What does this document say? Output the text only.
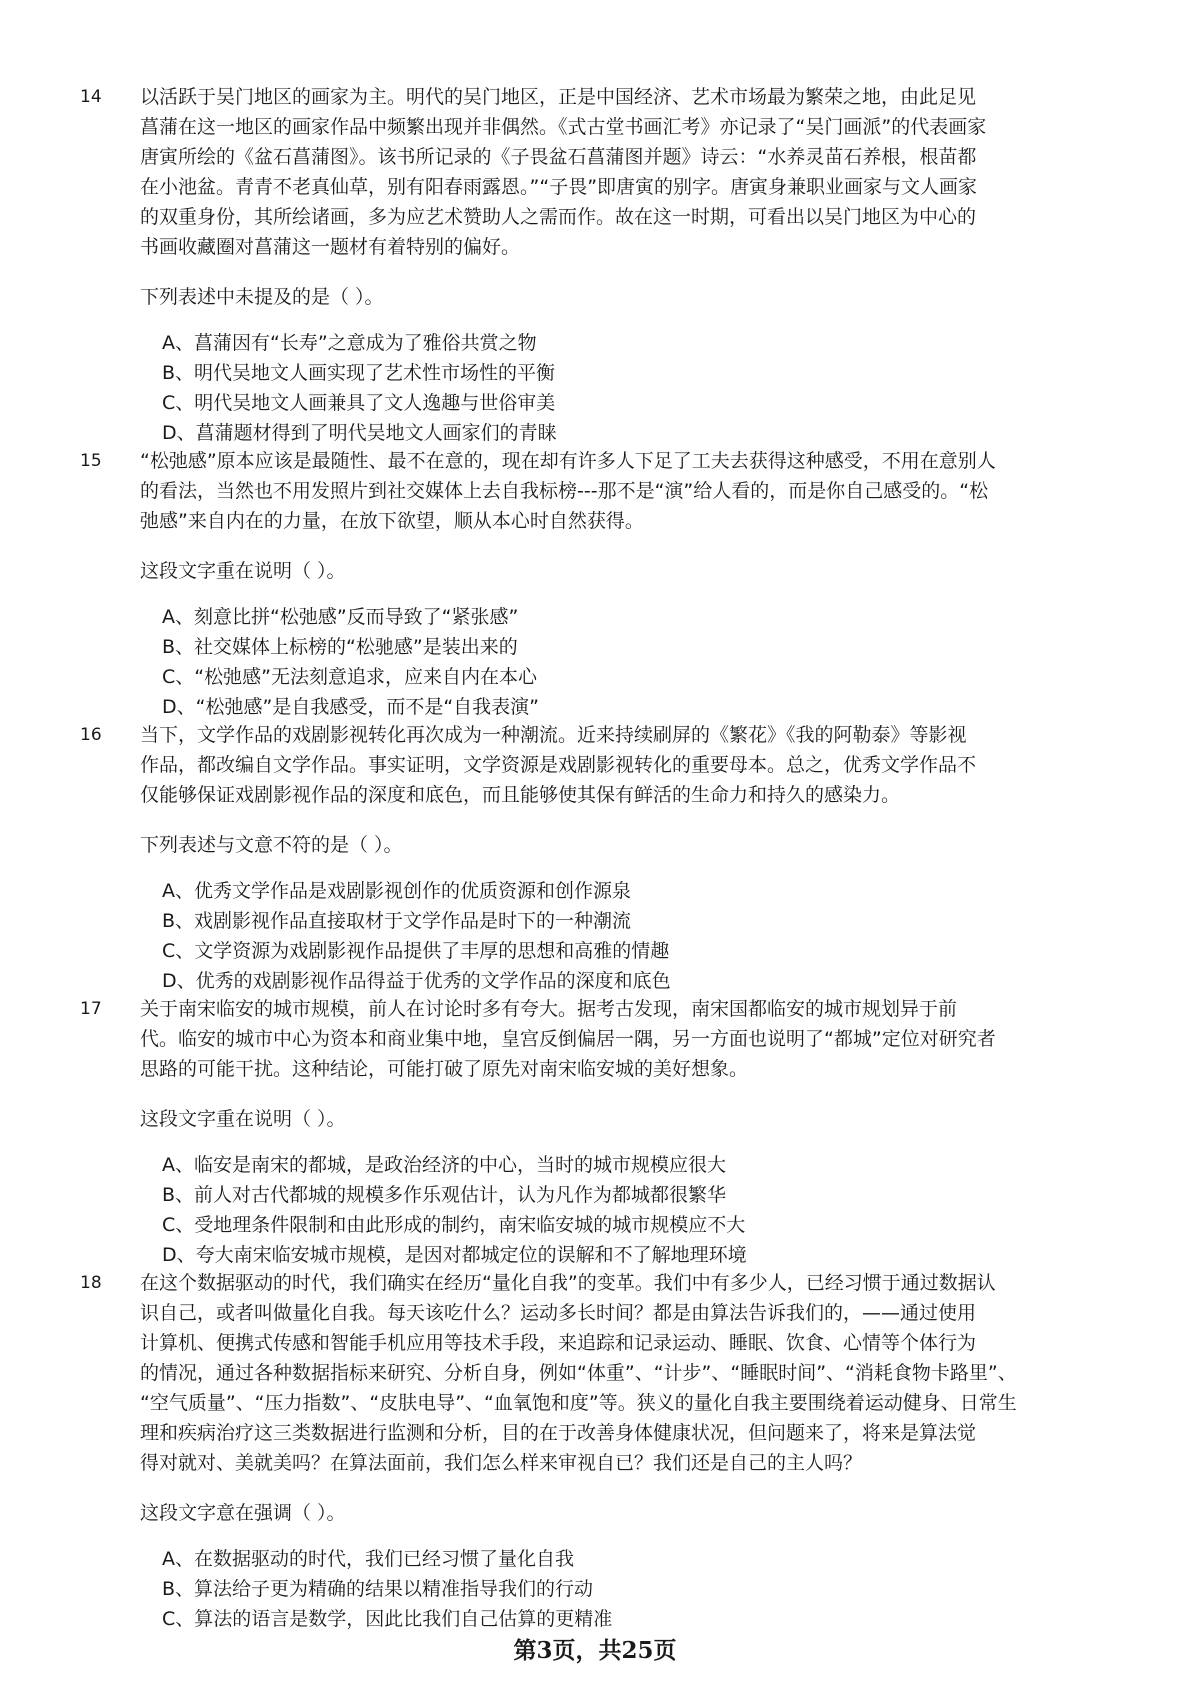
14 以活跃于吴门地区的画家为主。明代的吴门地区，正是中国经济、艺术市场最为繁荣之地，由此足见
菖蒲在这一地区的画家作品中频繁出现并非偶然。《式古堂书画汇考》亦记录了“吴门画派”的代表画家
唐寅所绘的《盆石菖蒲图》。该书所记录的《子畏盆石菖蒲图并题》诗云：“水养灵苗石养根，根苗都
在小池盆。青青不老真仙草，别有阳春雨露恩。”“子畏”即唐寅的别字。唐寅身兼职业画家与文人画家
的双重身份，其所绘诸画，多为应艺术赞助人之需而作。故在这一时期，可看出以吴门地区为中心的
书画收藏圈对菖蒲这一题材有着特别的偏好。
下列表述中未提及的是（ ）。
A、菖蒲因有“长寿”之意成为了雅俗共赏之物
B、明代吴地文人画实现了艺术性市场性的平衡
C、明代吴地文人画兼具了文人逸趣与世俗审美
D、菖蒲题材得到了明代吴地文人画家们的青睐
15 “松弛感”原本应该是最随性、最不在意的，现在却有许多人下足了工夫去获得这种感受，不用在意别人
的看法，当然也不用发照片到社交媒体上去自我标榜---那不是“演”给人看的，而是你自己感受的。“松
弛感”来自内在的力量，在放下欲望，顺从本心时自然获得。
这段文字重在说明（ ）。
A、刻意比拼“松弛感”反而导致了“紧张感”
B、社交媒体上标榜的“松驰感”是装出来的
C、“松弛感”无法刻意追求，应来自内在本心
D、“松弛感”是自我感受，而不是“自我表演”
16 当下，文学作品的戏剧影视转化再次成为一种潮流。近来持续刷屏的《繁花》《我的阿勒泰》等影视
作品，都改编自文学作品。事实证明，文学资源是戏剧影视转化的重要母本。总之，优秀文学作品不
仅能够保证戏剧影视作品的深度和底色，而且能够使其保有鲜活的生命力和持久的感染力。
下列表述与文意不符的是（ ）。
A、优秀文学作品是戏剧影视创作的优质资源和创作源泉
B、戏剧影视作品直接取材于文学作品是时下的一种潮流
C、文学资源为戏剧影视作品提供了丰厚的思想和高雅的情趣
D、优秀的戏剧影视作品得益于优秀的文学作品的深度和底色
17 关于南宋临安的城市规模，前人在讨论时多有夸大。据考古发现，南宋国都临安的城市规划异于前
代。临安的城市中心为资本和商业集中地，皇宫反倒偏居一隅，另一方面也说明了“都城”定位对研究者
思路的可能干扰。这种结论，可能打破了原先对南宋临安城的美好想象。
这段文字重在说明（ ）。
A、临安是南宋的都城，是政治经济的中心，当时的城市规模应很大
B、前人对古代都城的规模多作乐观估计，认为凡作为都城都很繁华
C、受地理条件限制和由此形成的制约，南宋临安城的城市规模应不大
D、夸大南宋临安城市规模，是因对都城定位的误解和不了解地理环境
18 在这个数据驱动的时代，我们确实在经历“量化自我”的变革。我们中有多少人，已经习惯于通过数据认
识自己，或者叫做量化自我。每天该吃什么？运动多长时间？都是由算法告诉我们的，——通过使用
计算机、便携式传感和智能手机应用等技术手段，来追踪和记录运动、睡眠、饮食、心情等个体行为
的情况，通过各种数据指标来研究、分析自身，例如“体重”、“计步”、“睡眠时间”、“消耗食物卡路里”、
“空气质量”、“压力指数”、“皮肤电导”、“血氧饱和度”等。狭义的量化自我主要围绕着运动健身、日常生
理和疾病治疗这三类数据进行监测和分析，目的在于改善身体健康状况，但问题来了，将来是算法觉
得对就对、美就美吗？在算法面前，我们怎么样来审视自已？我们还是自己的主人吗？
这段文字意在强调（ ）。
A、在数据驱动的时代，我们已经习惯了量化自我
B、算法给子更为精确的结果以精准指导我们的行动
C、算法的语言是数学，因此比我们自己估算的更精准
第3页，共25页
